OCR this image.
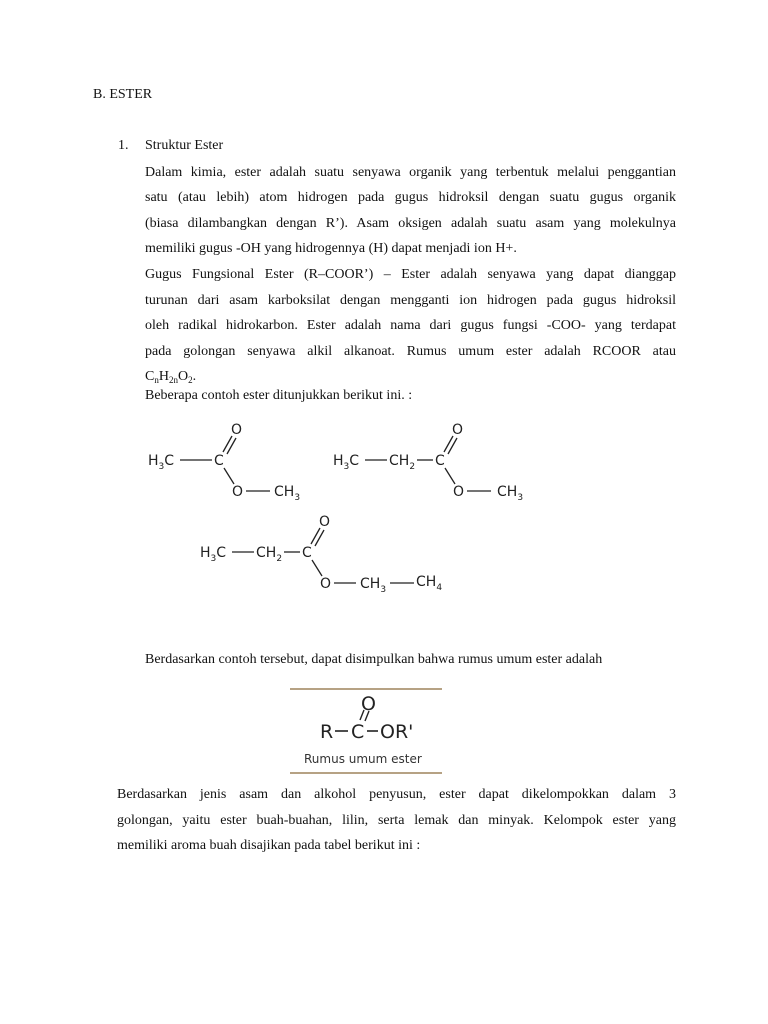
B. ESTER
1. Struktur Ester
Dalam kimia, ester adalah suatu senyawa organik yang terbentuk melalui penggantian
satu (atau lebih) atom hidrogen pada gugus hidroksil dengan suatu gugus organik
(biasa dilambangkan dengan R’). Asam oksigen adalah suatu asam yang molekulnya
memiliki gugus -OH yang hidrogennya (H) dapat menjadi ion H+.
Gugus Fungsional Ester (R–COOR’) – Ester adalah senyawa yang dapat dianggap
turunan dari asam karboksilat dengan mengganti ion hidrogen pada gugus hidroksil
oleh radikal hidrokarbon. Ester adalah nama dari gugus fungsi -COO- yang terdapat
pada golongan senyawa alkil alkanoat. Rumus umum ester adalah RCOOR atau
$C_nH_{2n}O_2$.
Beberapa contoh ester ditunjukkan berikut ini. :
$H_3C$	C
O
O $CH_3$
$H_3C$ $CH_2$ C
O
O $CH_3$
$H_3C$ $CH_2$ C
O
O $CH_3$ $CH_4$
Berdasarkan contoh tersebut, dapat disimpulkan bahwa rumus umum ester adalah
R C
O
OR'
Rumus umum ester
Berdasarkan jenis asam dan alkohol penyusun, ester dapat dikelompokkan dalam 3
golongan, yaitu ester buah-buahan, lilin, serta lemak dan minyak. Kelompok ester yang
memiliki aroma buah disajikan pada tabel berikut ini :
